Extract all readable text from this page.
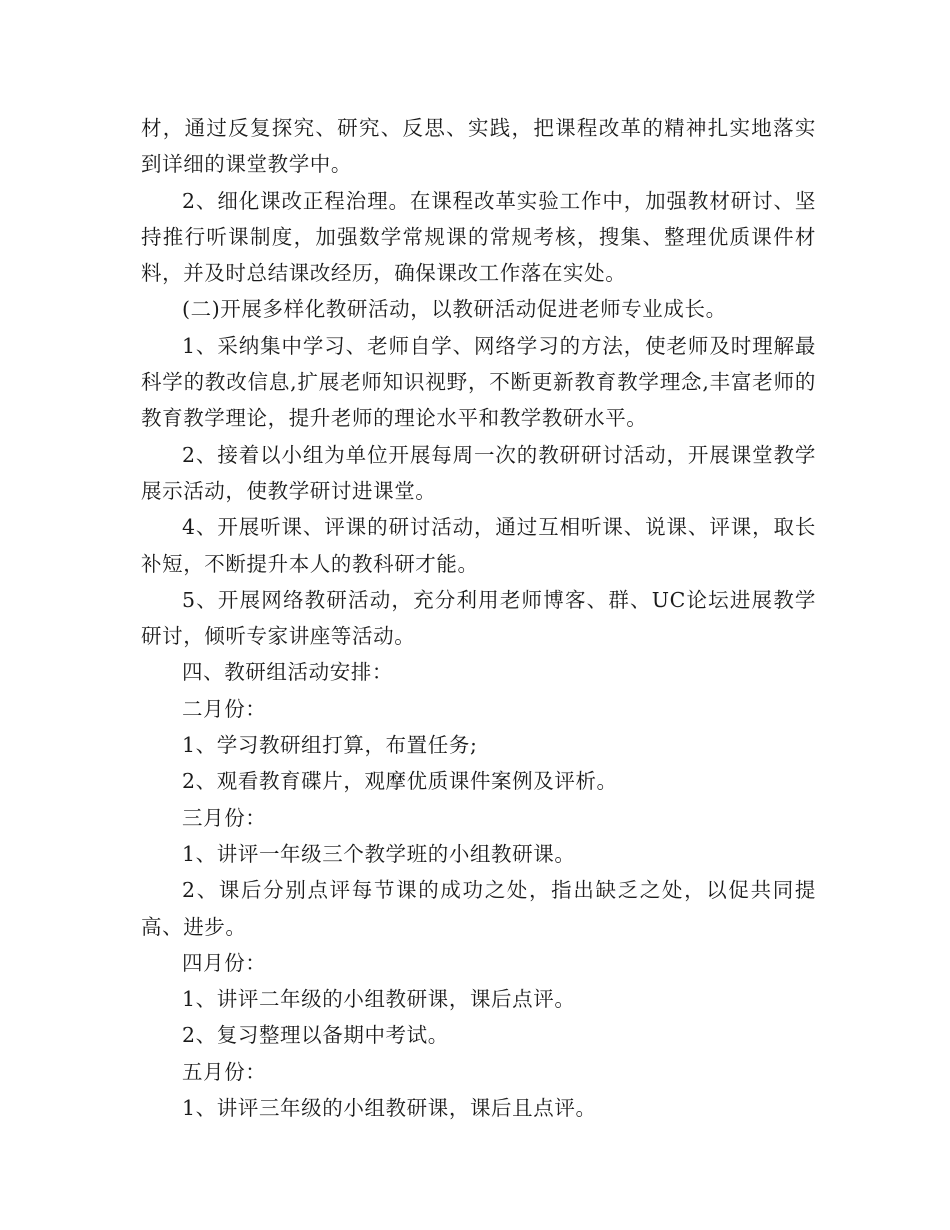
材，通过反复探究、研究、反思、实践，把课程改革的精神扎实地落实到详细的课堂教学中。

2、细化课改正程治理。在课程改革实验工作中，加强教材研讨、坚持推行听课制度，加强数学常规课的常规考核，搜集、整理优质课件材料，并及时总结课改经历，确保课改工作落在实处。

(二)开展多样化教研活动，以教研活动促进老师专业成长。

1、采纳集中学习、老师自学、网络学习的方法，使老师及时理解最科学的教改信息,扩展老师知识视野，不断更新教育教学理念,丰富老师的教育教学理论，提升老师的理论水平和教学教研水平。

2、接着以小组为单位开展每周一次的教研研讨活动，开展课堂教学展示活动，使教学研讨进课堂。

4、开展听课、评课的研讨活动，通过互相听课、说课、评课，取长补短，不断提升本人的教科研才能。

5、开展网络教研活动，充分利用老师博客、群、UC论坛进展教学研讨，倾听专家讲座等活动。

四、教研组活动安排：

二月份：

1、学习教研组打算，布置任务;

2、观看教育碟片，观摩优质课件案例及评析。

三月份：

1、讲评一年级三个教学班的小组教研课。

2、课后分别点评每节课的成功之处，指出缺乏之处，以促共同提高、进步。

四月份：

1、讲评二年级的小组教研课，课后点评。

2、复习整理以备期中考试。

五月份：

1、讲评三年级的小组教研课，课后且点评。
